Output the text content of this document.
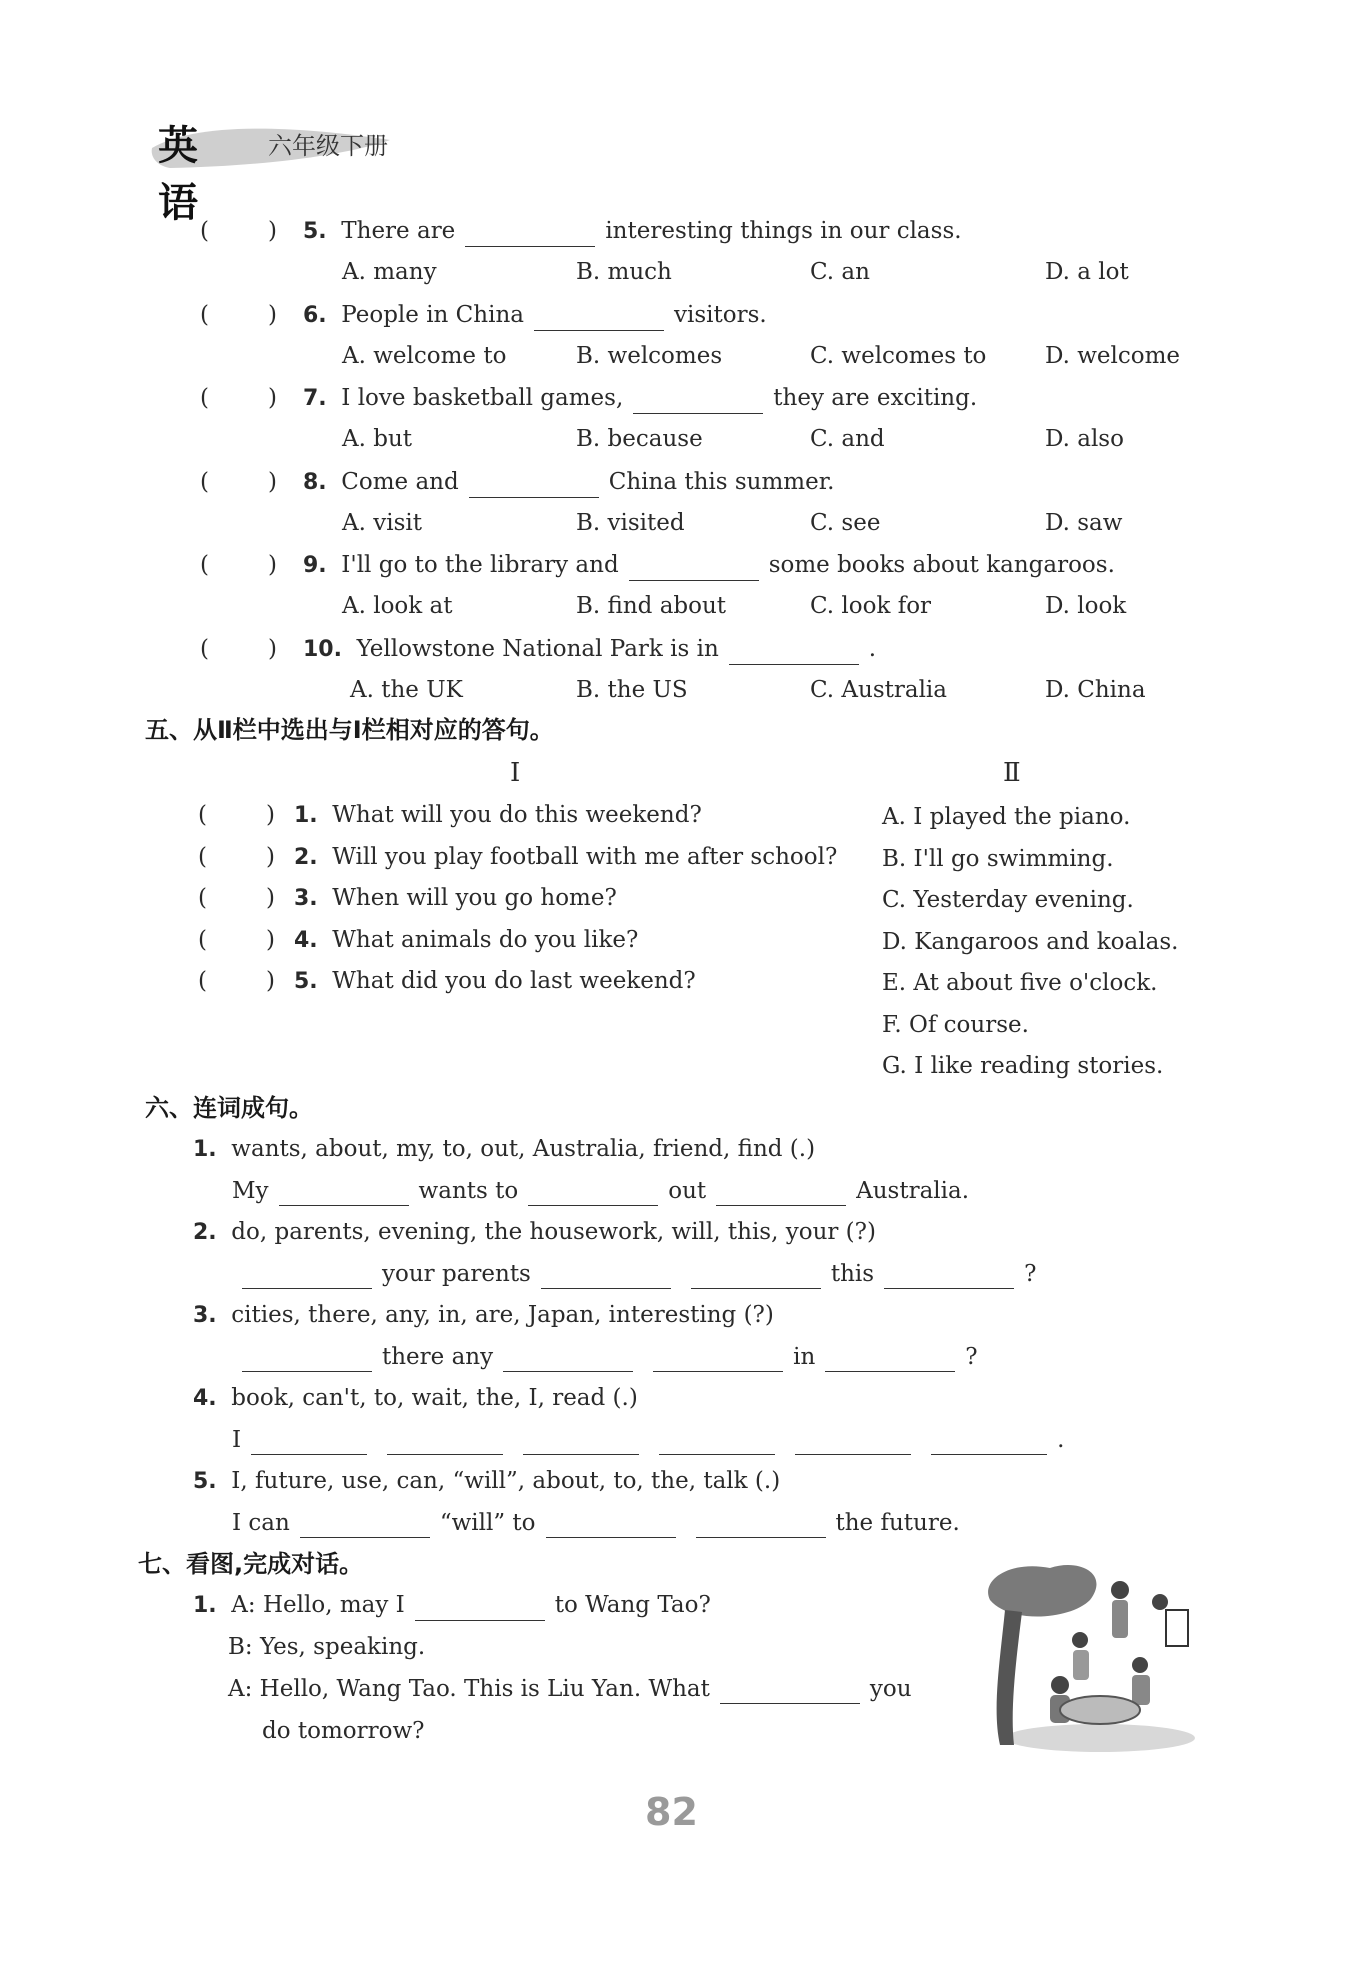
英语
六年级下册
(	) 5. There are	interesting things in our class.
A. many	B. much	C. an	D. a lot
(	) 6. People in China	visitors.
A. welcome to	B. welcomes	C. welcomes to	D. welcome
(	) 7. I love basketball games,	they are exciting.
A. but	B. because	C. and	D. also
(	) 8. Come and	China this summer.
A. visit	B. visited	C. see	D. saw
(	) 9. I'll go to the library and	some books about kangaroos.
A. look at	B. find about	C. look for	D. look
(	) 10. Yellowstone National Park is in	.
A. the UK	B. the US	C. Australia	D. China
五、从Ⅱ栏中选出与Ⅰ栏相对应的答句。
Ⅰ	Ⅱ
(	) 1. What will you do this weekend?
(	) 2. Will you play football with me after school?
(	) 3. When will you go home?
(	) 4. What animals do you like?
(	) 5. What did you do last weekend?
A. I played the piano.
B. I'll go swimming.
C. Yesterday evening.
D. Kangaroos and koalas.
E. At about five o'clock.
F. Of course.
G. I like reading stories.
六、连词成句。
1. wants, about, my, to, out, Australia, friend, find (.)
My	wants to	out	Australia.
2. do, parents, evening, the housework, will, this, your (?)
your parents	this	?
3. cities, there, any, in, are, Japan, interesting (?)
there any	in	?
4. book, can't, to, wait, the, I, read (.)
I	.
5. I, future, use, can, “will”, about, to, the, talk (.)
I can	“will” to	the future.
七、看图,完成对话。
1. A: Hello, may I	to Wang Tao?
B: Yes, speaking.
A: Hello, Wang Tao. This is Liu Yan. What	you
do tomorrow?
82
